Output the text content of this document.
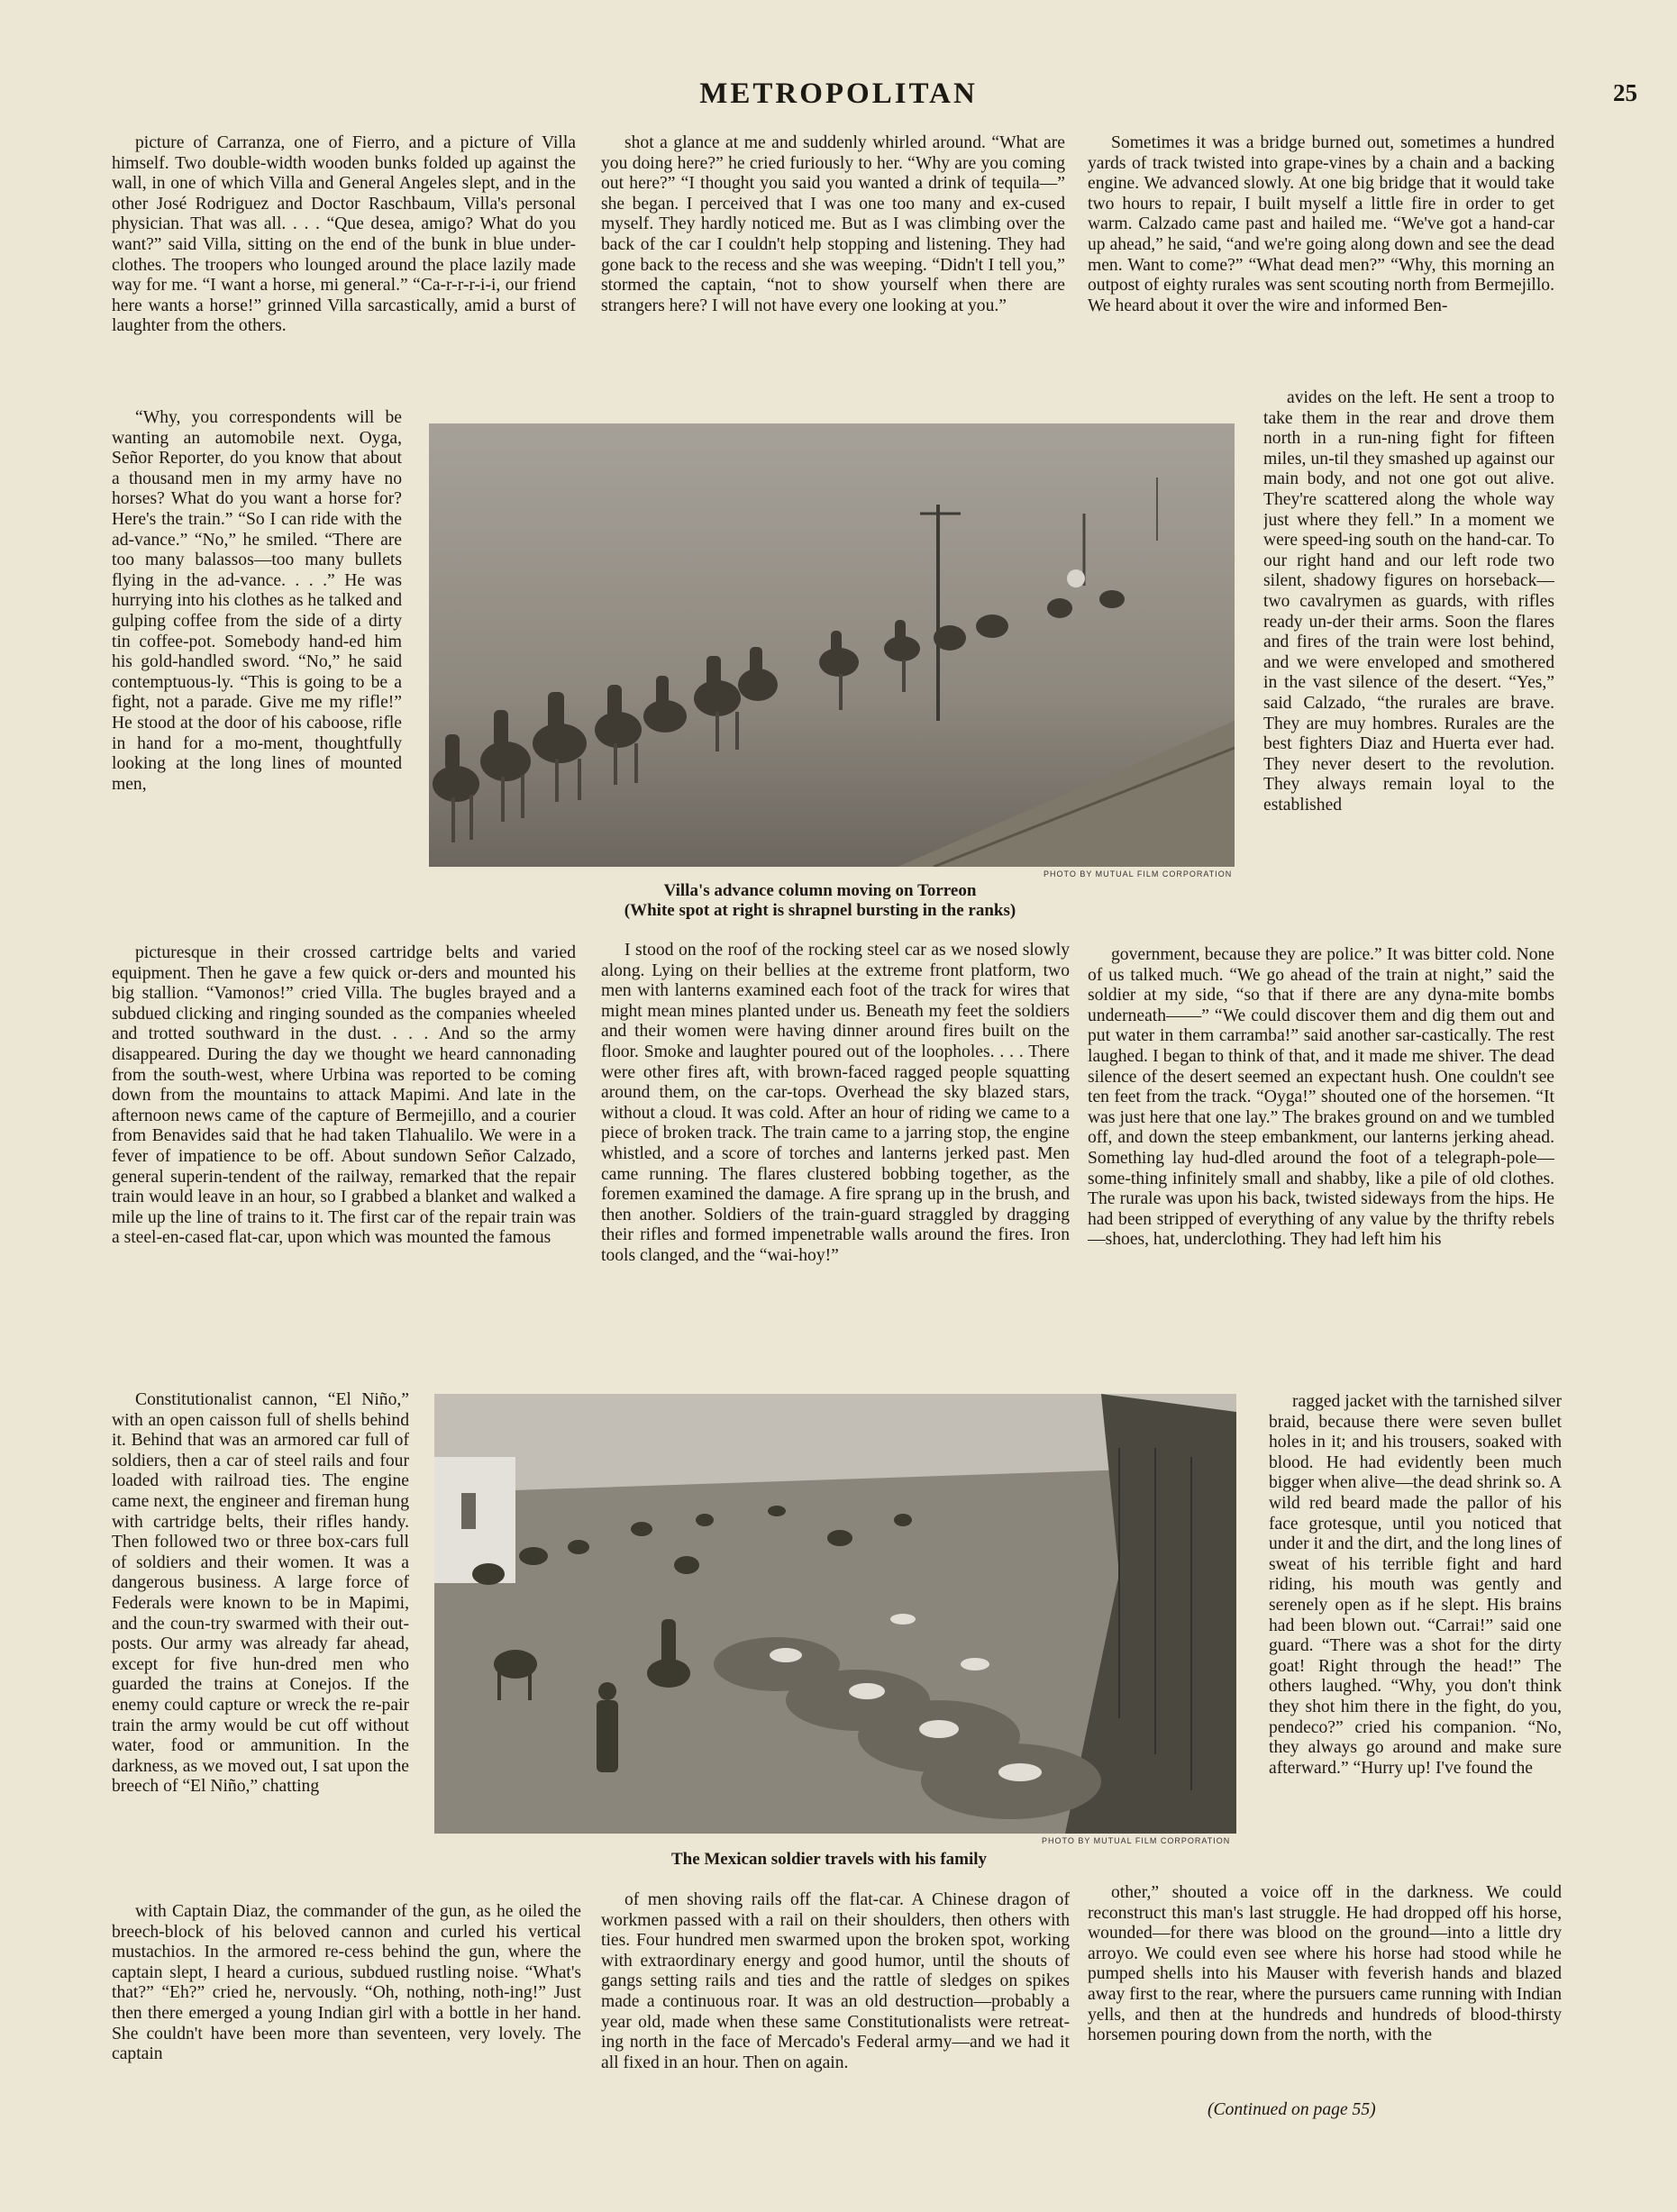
METROPOLITAN	25

picture of Carranza, one of Fierro, and a picture of Villa himself. Two double-width wooden bunks folded up against the wall, in one of which Villa and General Angeles slept, and in the other José Rodriguez and Doctor Raschbaum, Villa's personal physician. That was all. . . . “Que desea, amigo? What do you want?” said Villa, sitting on the end of the bunk in blue under-clothes. The troopers who lounged around the place lazily made way for me. “I want a horse, mi general.” “Ca-r-r-r-i-i, our friend here wants a horse!” grinned Villa sarcastically, amid a burst of laughter from the others.

“Why, you correspondents will be wanting an automobile next. Oyga, Señor Reporter, do you know that about a thousand men in my army have no horses? What do you want a horse for? Here's the train.” “So I can ride with the ad-vance.” “No,” he smiled. “There are too many balassos—too many bullets flying in the ad-vance. . . .” He was hurrying into his clothes as he talked and gulping coffee from the side of a dirty tin coffee-pot. Somebody hand-ed him his gold-handled sword. “No,” he said contemptuous-ly. “This is going to be a fight, not a parade. Give me my rifle!” He stood at the door of his caboose, rifle in hand for a mo-ment, thoughtfully looking at the long lines of mounted men,

picturesque in their crossed cartridge belts and varied equipment. Then he gave a few quick or-ders and mounted his big stallion. “Vamonos!” cried Villa. The bugles brayed and a subdued clicking and ringing sounded as the companies wheeled and trotted southward in the dust. . . . And so the army disappeared. During the day we thought we heard cannonading from the south-west, where Urbina was reported to be coming down from the mountains to attack Mapimi. And late in the afternoon news came of the capture of Bermejillo, and a courier from Benavides said that he had taken Tlahualilo. We were in a fever of impatience to be off. About sundown Señor Calzado, general superin-tendent of the railway, remarked that the repair train would leave in an hour, so I grabbed a blanket and walked a mile up the line of trains to it. The first car of the repair train was a steel-en-cased flat-car, upon which was mounted the famous

Constitutionalist cannon, “El Niño,” with an open caisson full of shells behind it. Behind that was an armored car full of soldiers, then a car of steel rails and four loaded with railroad ties. The engine came next, the engineer and fireman hung with cartridge belts, their rifles handy. Then followed two or three box-cars full of soldiers and their women. It was a dangerous business. A large force of Federals were known to be in Mapimi, and the coun-try swarmed with their out-posts. Our army was already far ahead, except for five hun-dred men who guarded the trains at Conejos. If the enemy could capture or wreck the re-pair train the army would be cut off without water, food or ammunition. In the darkness, as we moved out, I sat upon the breech of “El Niño,” chatting

with Captain Diaz, the commander of the gun, as he oiled the breech-block of his beloved cannon and curled his vertical mustachios. In the armored re-cess behind the gun, where the captain slept, I heard a curious, subdued rustling noise. “What's that?” “Eh?” cried he, nervously. “Oh, nothing, noth-ing!” Just then there emerged a young Indian girl with a bottle in her hand. She couldn't have been more than seventeen, very lovely. The captain

shot a glance at me and suddenly whirled around. “What are you doing here?” he cried furiously to her. “Why are you coming out here?” “I thought you said you wanted a drink of tequila—” she began. I perceived that I was one too many and ex-cused myself. They hardly noticed me. But as I was climbing over the back of the car I couldn't help stopping and listening. They had gone back to the recess and she was weeping. “Didn't I tell you,” stormed the captain, “not to show yourself when there are strangers here? I will not have every one looking at you.”

I stood on the roof of the rocking steel car as we nosed slowly along. Lying on their bellies at the extreme front platform, two men with lanterns examined each foot of the track for wires that might mean mines planted under us. Beneath my feet the soldiers and their women were having dinner around fires built on the floor. Smoke and laughter poured out of the loopholes. . . . There were other fires aft, with brown-faced ragged people squatting around them, on the car-tops. Overhead the sky blazed stars, without a cloud. It was cold. After an hour of riding we came to a piece of broken track. The train came to a jarring stop, the engine whistled, and a score of torches and lanterns jerked past. Men came running. The flares clustered bobbing together, as the foremen examined the damage. A fire sprang up in the brush, and then another. Soldiers of the train-guard straggled by dragging their rifles and formed impenetrable walls around the fires. Iron tools clanged, and the “wai-hoy!”

of men shoving rails off the flat-car. A Chinese dragon of workmen passed with a rail on their shoulders, then others with ties. Four hundred men swarmed upon the broken spot, working with extraordinary energy and good humor, until the shouts of gangs setting rails and ties and the rattle of sledges on spikes made a continuous roar. It was an old destruction—probably a year old, made when these same Constitutionalists were retreat-ing north in the face of Mercado's Federal army—and we had it all fixed in an hour. Then on again.

Sometimes it was a bridge burned out, sometimes a hundred yards of track twisted into grape-vines by a chain and a backing engine. We advanced slowly. At one big bridge that it would take two hours to repair, I built myself a little fire in order to get warm. Calzado came past and hailed me. “We've got a hand-car up ahead,” he said, “and we're going along down and see the dead men. Want to come?” “What dead men?” “Why, this morning an outpost of eighty rurales was sent scouting north from Bermejillo. We heard about it over the wire and informed Ben-

avides on the left. He sent a troop to take them in the rear and drove them north in a run-ning fight for fifteen miles, un-til they smashed up against our main body, and not one got out alive. They're scattered along the whole way just where they fell.” In a moment we were speed-ing south on the hand-car. To our right hand and our left rode two silent, shadowy figures on horseback—two cavalrymen as guards, with rifles ready un-der their arms. Soon the flares and fires of the train were lost behind, and we were enveloped and smothered in the vast silence of the desert. “Yes,” said Calzado, “the rurales are brave. They are muy hombres. Rurales are the best fighters Diaz and Huerta ever had. They never desert to the revolution. They always remain loyal to the established

government, because they are police.” It was bitter cold. None of us talked much. “We go ahead of the train at night,” said the soldier at my side, “so that if there are any dyna-mite bombs underneath——” “We could discover them and dig them out and put water in them carramba!” said another sar-castically. The rest laughed. I began to think of that, and it made me shiver. The dead silence of the desert seemed an expectant hush. One couldn't see ten feet from the track. “Oyga!” shouted one of the horsemen. “It was just here that one lay.” The brakes ground on and we tumbled off, and down the steep embankment, our lanterns jerking ahead. Something lay hud-dled around the foot of a telegraph-pole—some-thing infinitely small and shabby, like a pile of old clothes. The rurale was upon his back, twisted sideways from the hips. He had been stripped of everything of any value by the thrifty rebels—shoes, hat, underclothing. They had left him his

ragged jacket with the tarnished silver braid, because there were seven bullet holes in it; and his trousers, soaked with blood. He had evidently been much bigger when alive—the dead shrink so. A wild red beard made the pallor of his face grotesque, until you noticed that under it and the dirt, and the long lines of sweat of his terrible fight and hard riding, his mouth was gently and serenely open as if he slept. His brains had been blown out. “Carrai!” said one guard. “There was a shot for the dirty goat! Right through the head!” The others laughed. “Why, you don't think they shot him there in the fight, do you, pendeco?” cried his companion. “No, they always go around and make sure afterward.” “Hurry up! I've found the

other,” shouted a voice off in the darkness. We could reconstruct this man's last struggle. He had dropped off his horse, wounded—for there was blood on the ground—into a little dry arroyo. We could even see where his horse had stood while he pumped shells into his Mauser with feverish hands and blazed away first to the rear, where the pursuers came running with Indian yells, and then at the hundreds and hundreds of blood-thirsty horsemen pouring down from the north, with the

(Continued on page 55)
PHOTO BY MUTUAL FILM CORPORATION
Villa's advance column moving on Torreon
(White spot at right is shrapnel bursting in the ranks)
PHOTO BY MUTUAL FILM CORPORATION
The Mexican soldier travels with his family
